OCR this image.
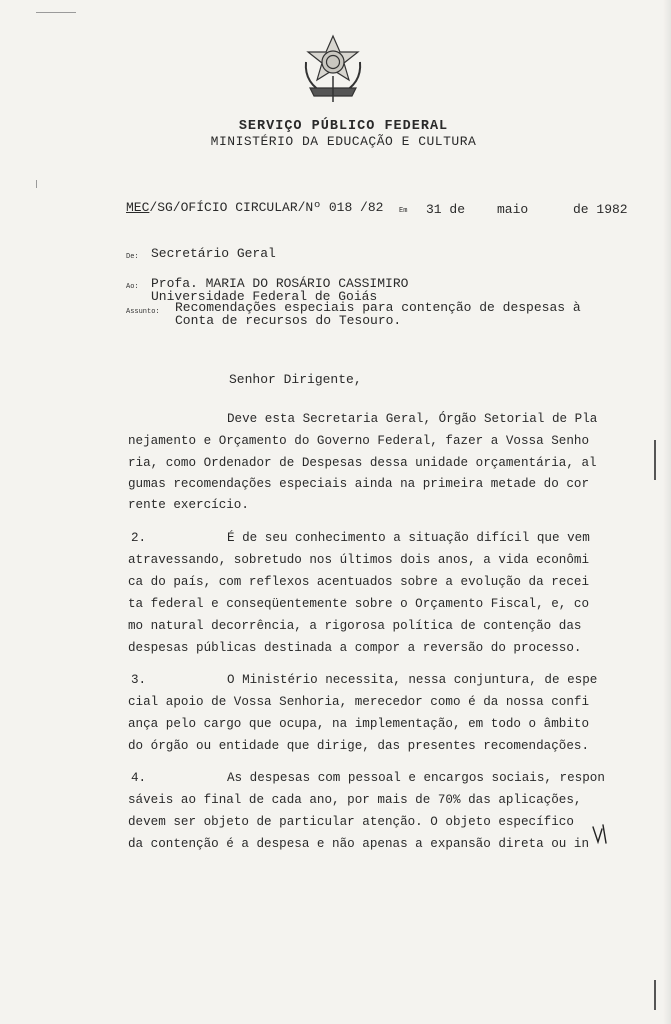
SERVIÇO PÚBLICO FEDERAL
MINISTÉRIO DA EDUCAÇÃO E CULTURA
MEC/SG/OFÍCIO CIRCULAR/Nº 018 /82 Em 31 de maio	de 1982
De: Secretário Geral
Ao: Profa. MARIA DO ROSÁRIO CASSIMIRO
Universidade Federal de Goiás
Assunto: Recomendações especiais para contenção de despesas à
Conta de recursos do Tesouro.
Senhor Dirigente,
Deve esta Secretaria Geral, Órgão Setorial de Pla
nejamento e Orçamento do Governo Federal, fazer a Vossa Senho
ria, como Ordenador de Despesas dessa unidade orçamentária, al
gumas recomendações especiais ainda na primeira metade do cor
rente exercício.
2.	É de seu conhecimento a situação difícil que vem
atravessando, sobretudo nos últimos dois anos, a vida econômi
ca do país, com reflexos acentuados sobre a evolução da recei
ta federal e conseqüentemente sobre o Orçamento Fiscal, e, co
mo natural decorrência, a rigorosa política de contenção das
despesas públicas destinada a compor a reversão do processo.
3.	O Ministério necessita, nessa conjuntura, de espe
cial apoio de Vossa Senhoria, merecedor como é da nossa confi
ança pelo cargo que ocupa, na implementação, em todo o âmbito
do órgão ou entidade que dirige, das presentes recomendações.
4.	As despesas com pessoal e encargos sociais, respon
sáveis ao final de cada ano, por mais de 70% das aplicações,
devem ser objeto de particular atenção. O objeto específico
da contenção é a despesa e não apenas a expansão direta ou in
